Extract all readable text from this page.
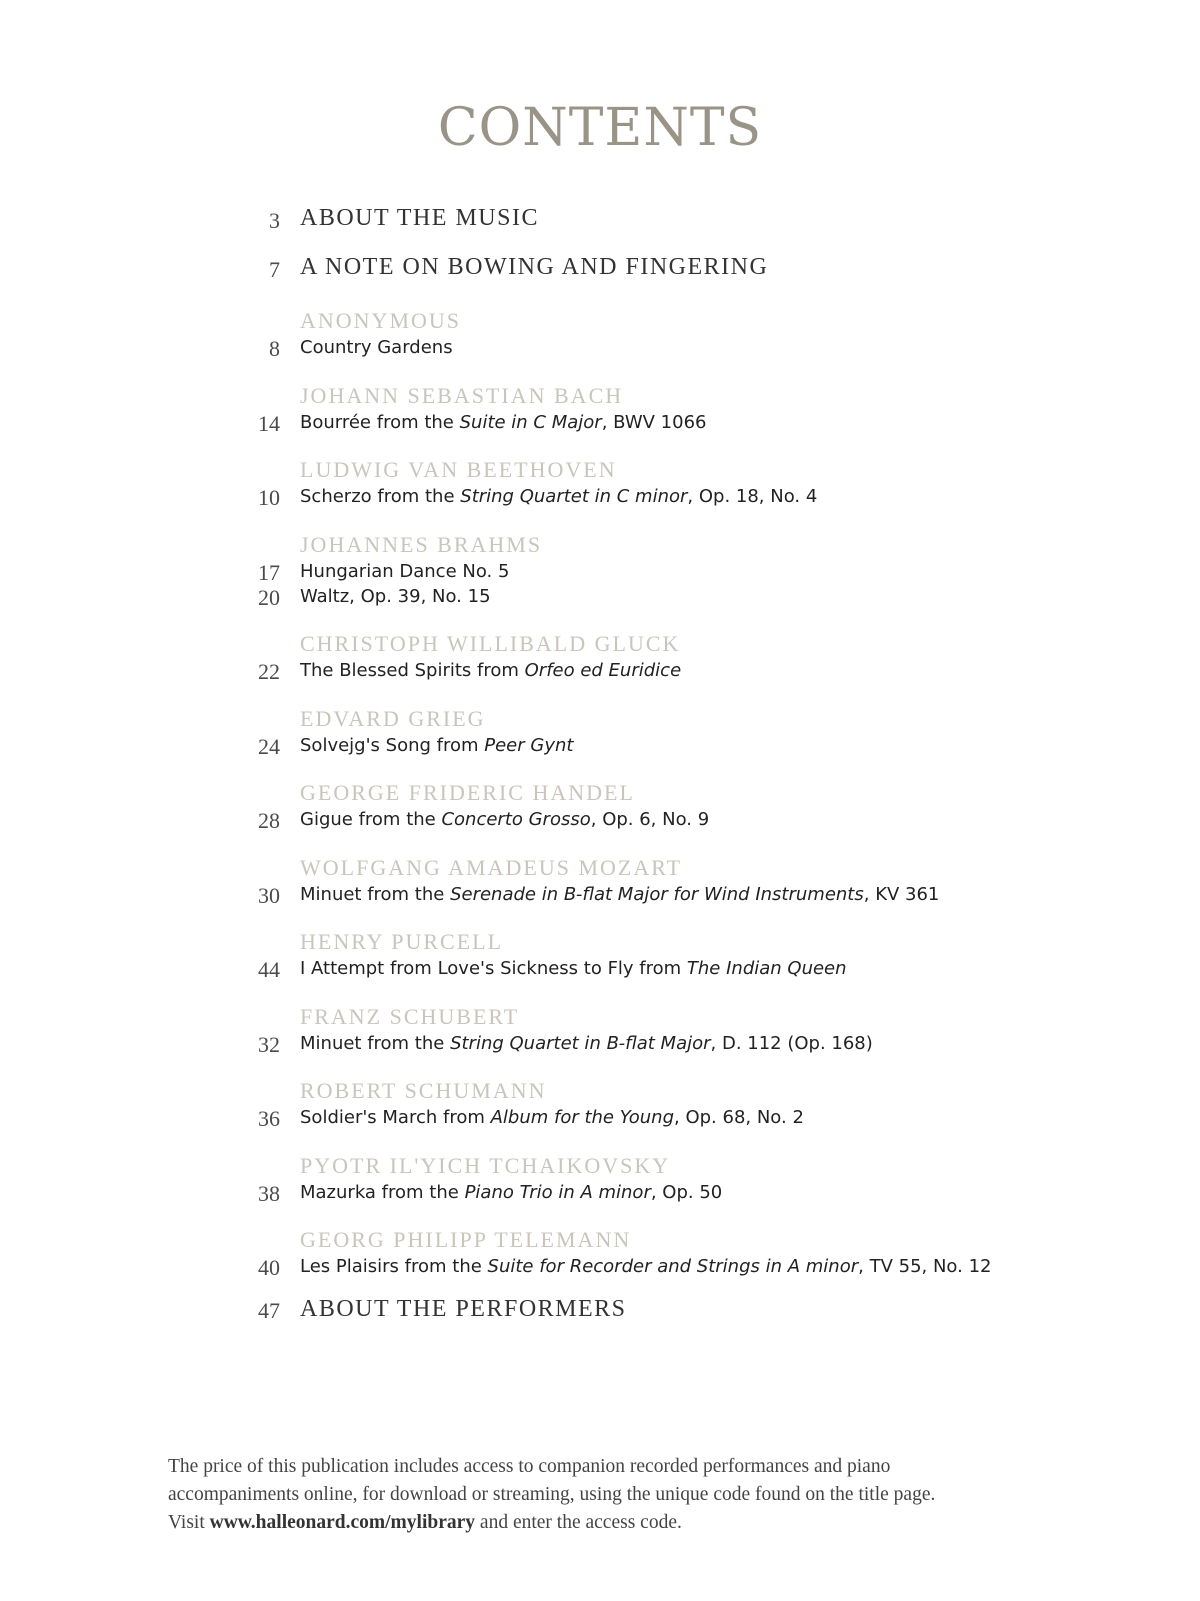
CONTENTS
3 ABOUT THE MUSIC
7 A NOTE ON BOWING AND FINGERING
ANONYMOUS
8 Country Gardens
JOHANN SEBASTIAN BACH
14 Bourrée from the Suite in C Major, BWV 1066
LUDWIG VAN BEETHOVEN
10 Scherzo from the String Quartet in C minor, Op. 18, No. 4
JOHANNES BRAHMS
17 Hungarian Dance No. 5
20 Waltz, Op. 39, No. 15
CHRISTOPH WILLIBALD GLUCK
22 The Blessed Spirits from Orfeo ed Euridice
EDVARD GRIEG
24 Solvejg's Song from Peer Gynt
GEORGE FRIDERIC HANDEL
28 Gigue from the Concerto Grosso, Op. 6, No. 9
WOLFGANG AMADEUS MOZART
30 Minuet from the Serenade in B-flat Major for Wind Instruments, KV 361
HENRY PURCELL
44 I Attempt from Love's Sickness to Fly from The Indian Queen
FRANZ SCHUBERT
32 Minuet from the String Quartet in B-flat Major, D. 112 (Op. 168)
ROBERT SCHUMANN
36 Soldier's March from Album for the Young, Op. 68, No. 2
PYOTR IL'YICH TCHAIKOVSKY
38 Mazurka from the Piano Trio in A minor, Op. 50
GEORG PHILIPP TELEMANN
40 Les Plaisirs from the Suite for Recorder and Strings in A minor, TV 55, No. 12
47 ABOUT THE PERFORMERS
The price of this publication includes access to companion recorded performances and piano
accompaniments online, for download or streaming, using the unique code found on the title page.
Visit www.halleonard.com/mylibrary and enter the access code.
